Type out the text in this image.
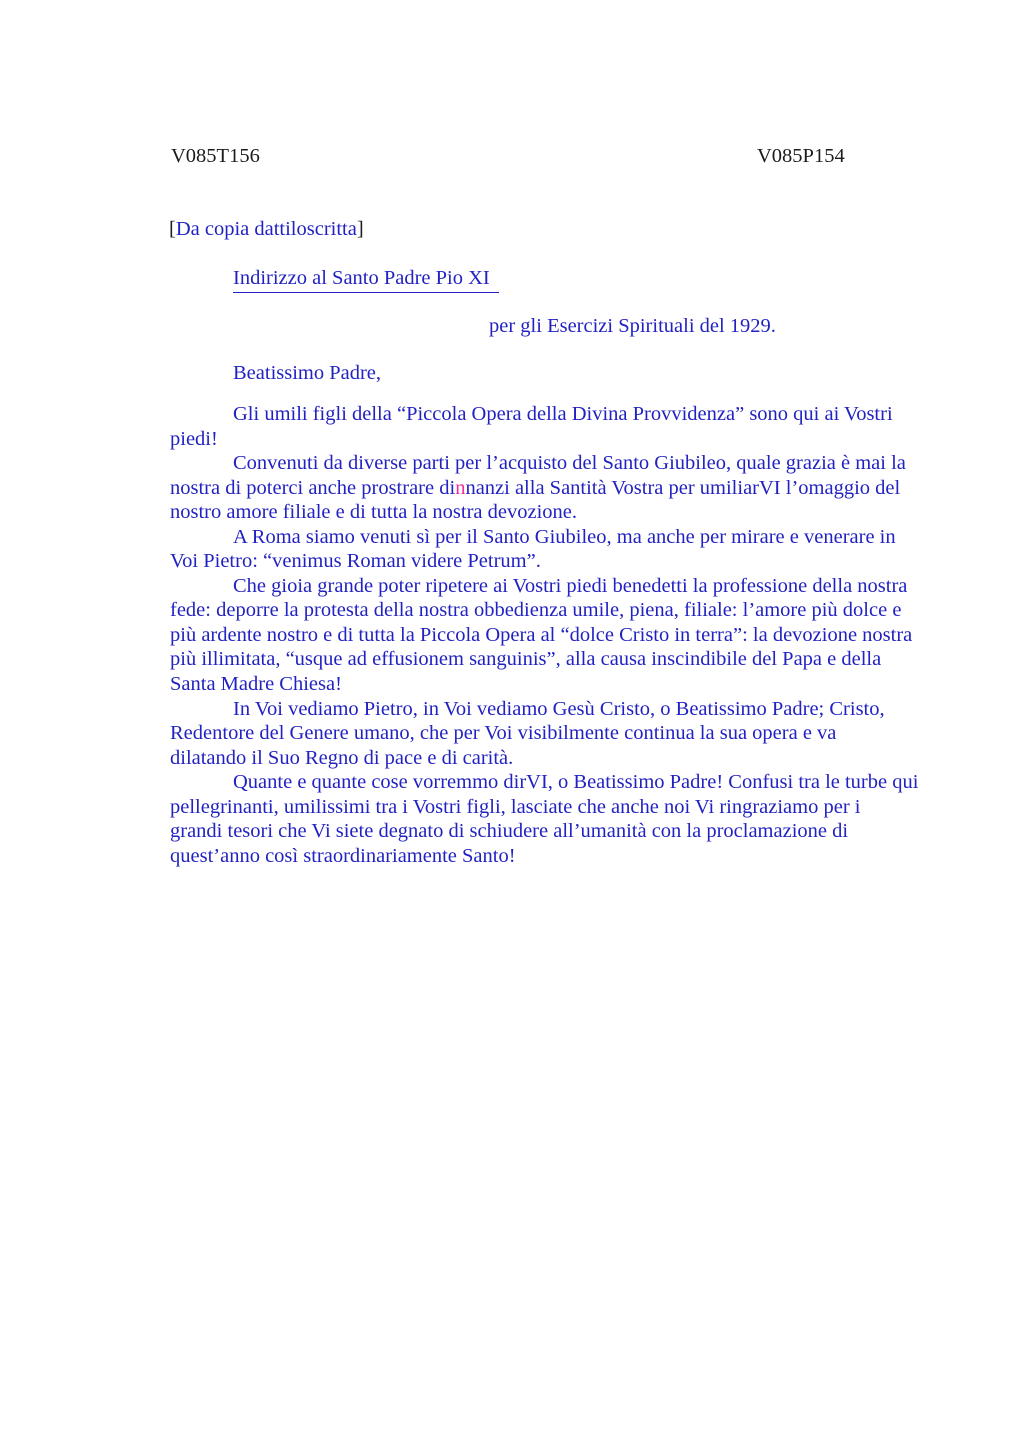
V085T156	V085P154
[Da copia dattiloscritta]
Indirizzo al Santo Padre Pio XI
per gli Esercizi Spirituali del 1929.
Beatissimo Padre,
Gli umili figli della “Piccola Opera della Divina Provvidenza” sono qui ai Vostri
piedi!
Convenuti da diverse parti per l’acquisto del Santo Giubileo, quale grazia è mai la
nostra di poterci anche prostrare dinnanzi alla Santità Vostra per umiliarVI l’omaggio del
nostro amore filiale e di tutta la nostra devozione.
A Roma siamo venuti sì per il Santo Giubileo, ma anche per mirare e venerare in
Voi Pietro: “venimus Roman videre Petrum”.
Che gioia grande poter ripetere ai Vostri piedi benedetti la professione della nostra
fede: deporre la protesta della nostra obbedienza umile, piena, filiale: l’amore più dolce e
più ardente nostro e di tutta la Piccola Opera al “dolce Cristo in terra”: la devozione nostra
più illimitata, “usque ad effusionem sanguinis”, alla causa inscindibile del Papa e della
Santa Madre Chiesa!
In Voi vediamo Pietro, in Voi vediamo Gesù Cristo, o Beatissimo Padre; Cristo,
Redentore del Genere umano, che per Voi visibilmente continua la sua opera e va
dilatando il Suo Regno di pace e di carità.
Quante e quante cose vorremmo dirVI, o Beatissimo Padre! Confusi tra le turbe qui
pellegrinanti, umilissimi tra i Vostri figli, lasciate che anche noi Vi ringraziamo per i
grandi tesori che Vi siete degnato di schiudere all’umanità con la proclamazione di
quest’anno così straordinariamente Santo!
